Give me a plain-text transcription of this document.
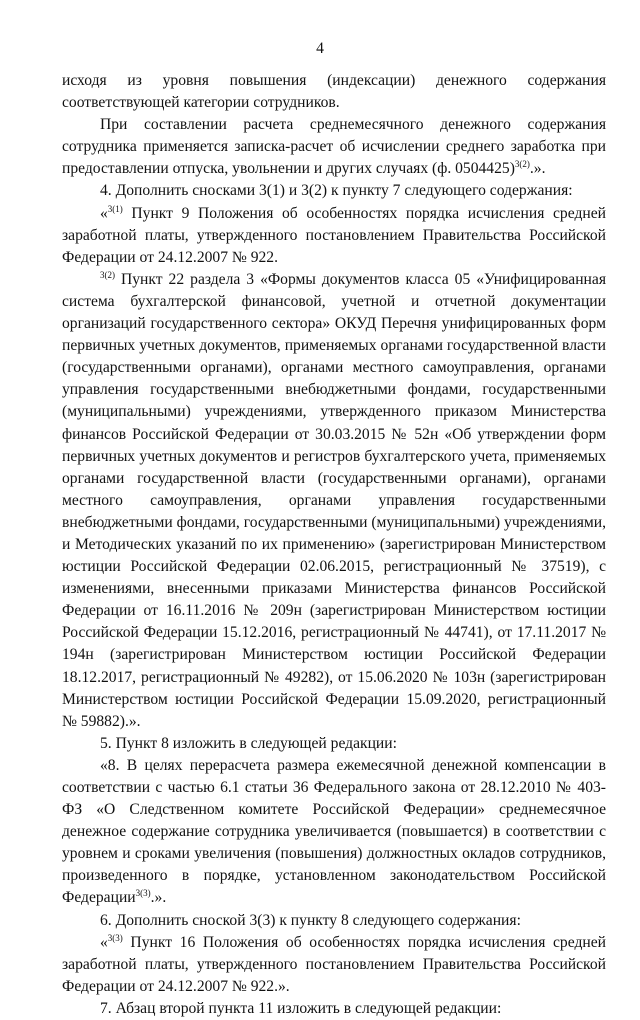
4

исходя из уровня повышения (индексации) денежного содержания соответствующей категории сотрудников.

При составлении расчета среднемесячного денежного содержания сотрудника применяется записка-расчет об исчислении среднего заработка при предоставлении отпуска, увольнении и других случаях (ф. 0504425)$^{3(2)}$.».

4. Дополнить сносками 3(1) и 3(2) к пункту 7 следующего содержания:

«$^{3(1)}$ Пункт 9 Положения об особенностях порядка исчисления средней заработной платы, утвержденного постановлением Правительства Российской Федерации от 24.12.2007 № 922.

$^{3(2)}$ Пункт 22 раздела 3 «Формы документов класса 05 «Унифицированная система бухгалтерской финансовой, учетной и отчетной документации организаций государственного сектора» ОКУД Перечня унифицированных форм первичных учетных документов, применяемых органами государственной власти (государственными органами), органами местного самоуправления, органами управления государственными внебюджетными фондами, государственными (муниципальными) учреждениями, утвержденного приказом Министерства финансов Российской Федерации от 30.03.2015 № 52н «Об утверждении форм первичных учетных документов и регистров бухгалтерского учета, применяемых органами государственной власти (государственными органами), органами местного самоуправления, органами управления государственными внебюджетными фондами, государственными (муниципальными) учреждениями, и Методических указаний по их применению» (зарегистрирован Министерством юстиции Российской Федерации 02.06.2015, регистрационный № 37519), с изменениями, внесенными приказами Министерства финансов Российской Федерации от 16.11.2016 № 209н (зарегистрирован Министерством юстиции Российской Федерации 15.12.2016, регистрационный № 44741), от 17.11.2017 № 194н (зарегистрирован Министерством юстиции Российской Федерации 18.12.2017, регистрационный № 49282), от 15.06.2020 № 103н (зарегистрирован Министерством юстиции Российской Федерации 15.09.2020, регистрационный № 59882).».

5. Пункт 8 изложить в следующей редакции:

«8. В целях перерасчета размера ежемесячной денежной компенсации в соответствии с частью 6.1 статьи 36 Федерального закона от 28.12.2010 № 403-ФЗ «О Следственном комитете Российской Федерации» среднемесячное денежное содержание сотрудника увеличивается (повышается) в соответствии с уровнем и сроками увеличения (повышения) должностных окладов сотрудников, произведенного в порядке, установленном законодательством Российской Федерации$^{3(3)}$.».

6. Дополнить сноской 3(3) к пункту 8 следующего содержания:

«$^{3(3)}$ Пункт 16 Положения об особенностях порядка исчисления средней заработной платы, утвержденного постановлением Правительства Российской Федерации от 24.12.2007 № 922.».

7. Абзац второй пункта 11 изложить в следующей редакции:
